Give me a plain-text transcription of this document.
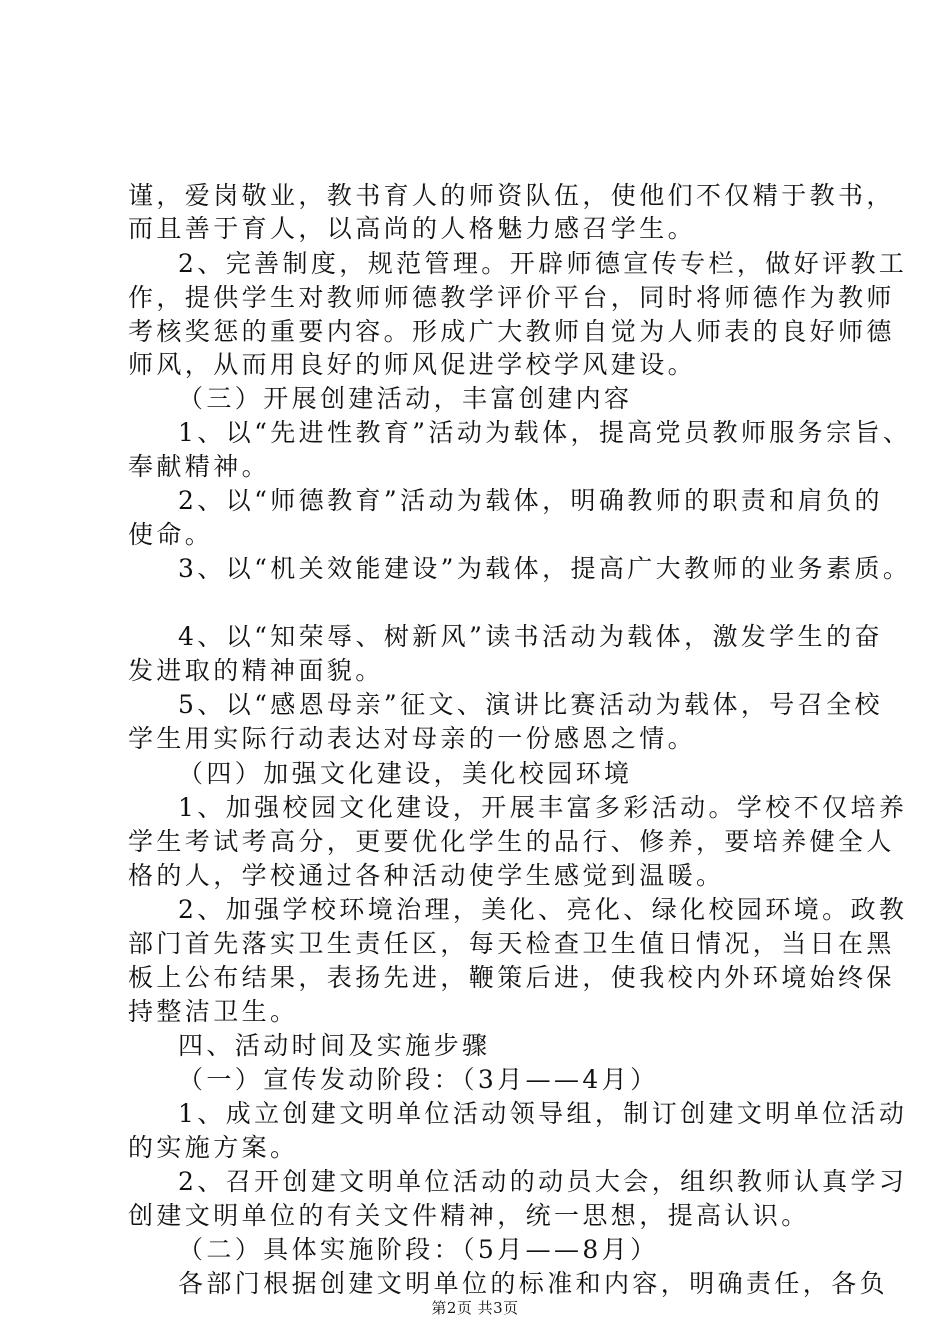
谨，爱岗敬业，教书育人的师资队伍，使他们不仅精于教书，
而且善于育人，以高尚的人格魅力感召学生。
2、完善制度，规范管理。开辟师德宣传专栏，做好评教工
作，提供学生对教师师德教学评价平台，同时将师德作为教师
考核奖惩的重要内容。形成广大教师自觉为人师表的良好师德
师风，从而用良好的师风促进学校学风建设。
（三）开展创建活动，丰富创建内容
1、以“先进性教育”活动为载体，提高党员教师服务宗旨、
奉献精神。
2、以“师德教育”活动为载体，明确教师的职责和肩负的
使命。
3、以“机关效能建设”为载体，提高广大教师的业务素质。
4、以“知荣辱、树新风”读书活动为载体，激发学生的奋
发进取的精神面貌。
5、以“感恩母亲”征文、演讲比赛活动为载体，号召全校
学生用实际行动表达对母亲的一份感恩之情。
（四）加强文化建设，美化校园环境
1、加强校园文化建设，开展丰富多彩活动。学校不仅培养
学生考试考高分，更要优化学生的品行、修养，要培养健全人
格的人，学校通过各种活动使学生感觉到温暖。
2、加强学校环境治理，美化、亮化、绿化校园环境。政教
部门首先落实卫生责任区，每天检查卫生值日情况，当日在黑
板上公布结果，表扬先进，鞭策后进，使我校内外环境始终保
持整洁卫生。
四、活动时间及实施步骤
（一）宣传发动阶段：（3月——4月）
1、成立创建文明单位活动领导组，制订创建文明单位活动
的实施方案。
2、召开创建文明单位活动的动员大会，组织教师认真学习
创建文明单位的有关文件精神，统一思想，提高认识。
（二）具体实施阶段：（5月——8月）
各部门根据创建文明单位的标准和内容，明确责任，各负
第2页 共3页
